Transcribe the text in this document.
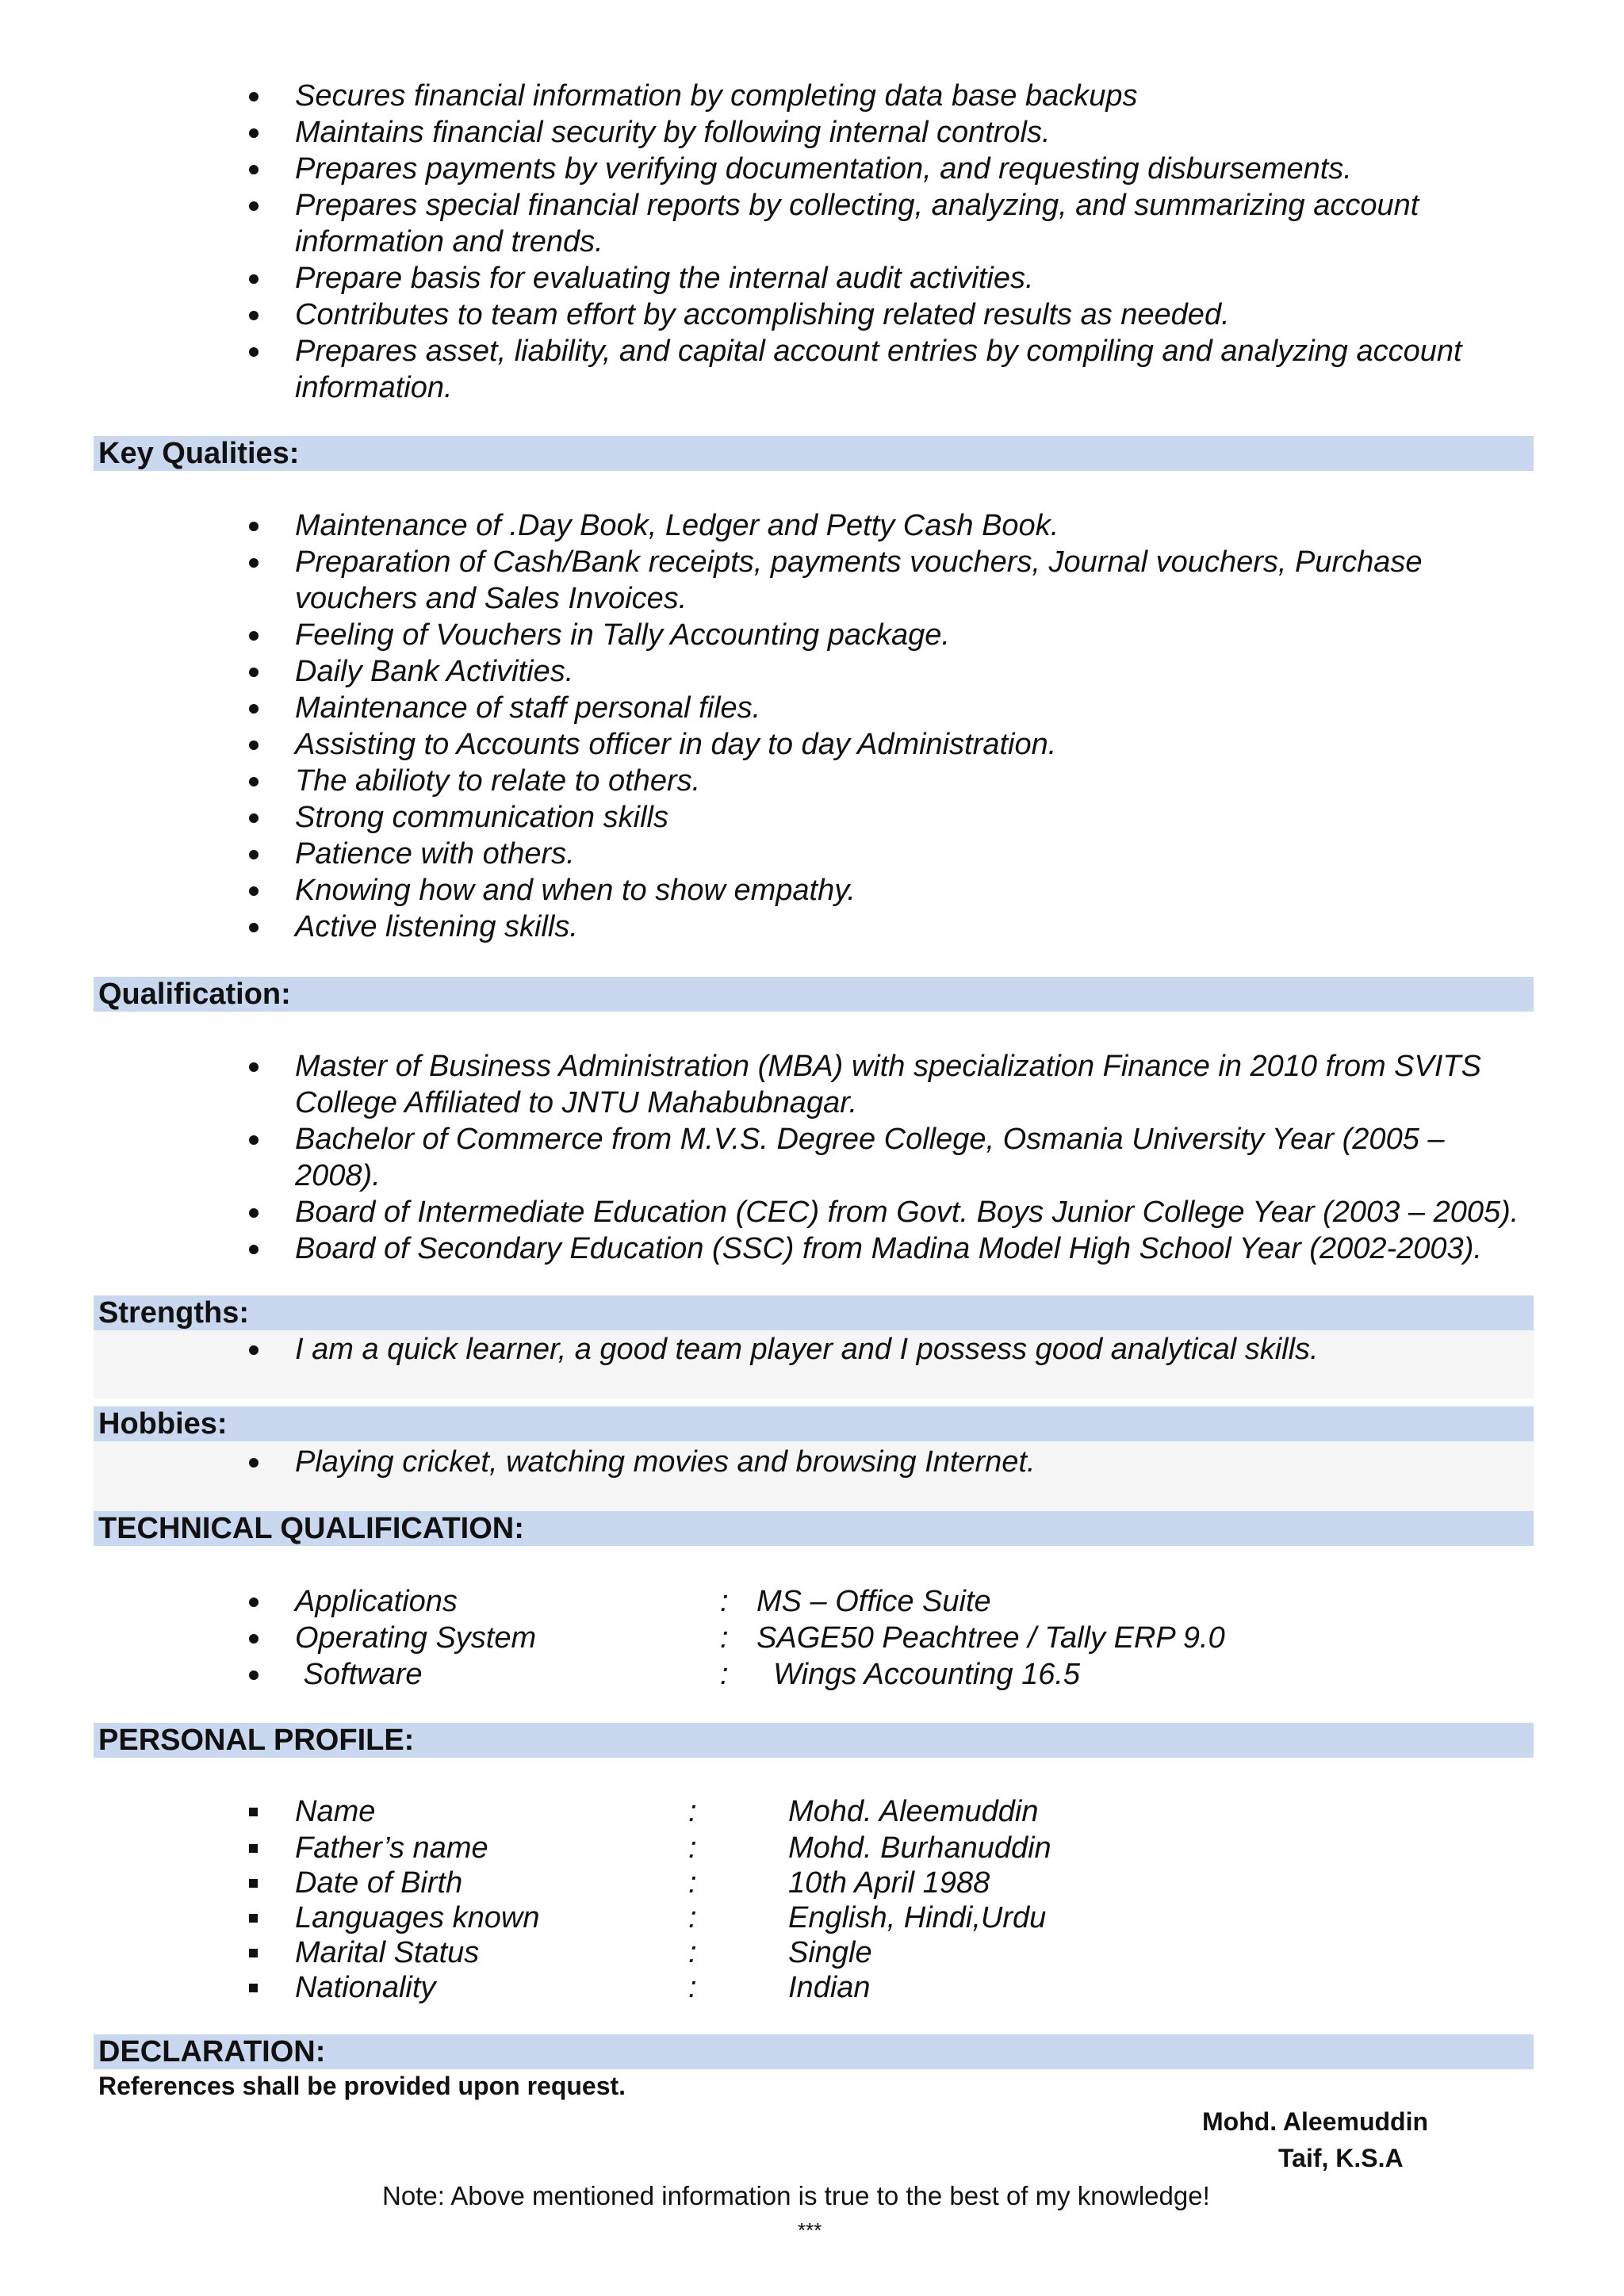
Secures financial information by completing data base backups
Maintains financial security by following internal controls.
Prepares payments by verifying documentation, and requesting disbursements.
Prepares special financial reports by collecting, analyzing, and summarizing account information and trends.
Prepare basis for evaluating the internal audit activities.
Contributes to team effort by accomplishing related results as needed.
Prepares asset, liability, and capital account entries by compiling and analyzing account information.
Key Qualities:
Maintenance of .Day Book, Ledger and Petty Cash Book.
Preparation of Cash/Bank receipts, payments vouchers, Journal vouchers, Purchase vouchers and Sales Invoices.
Feeling of Vouchers in Tally Accounting package.
Daily Bank Activities.
Maintenance of staff personal files.
Assisting to Accounts officer in day to day Administration.
The abilioty to relate to others.
Strong communication skills
Patience with others.
Knowing how and when to show empathy.
Active listening skills.
Qualification:
Master of Business Administration (MBA) with specialization Finance in 2010 from SVITS College Affiliated to JNTU Mahabubnagar.
Bachelor of Commerce from M.V.S. Degree College, Osmania University Year (2005 – 2008).
Board of Intermediate Education (CEC) from Govt. Boys Junior College Year (2003 – 2005).
Board of Secondary Education (SSC) from Madina Model High School Year (2002-2003).
Strengths:
I am a quick learner, a good team player and I possess good analytical skills.
Hobbies:
Playing cricket, watching movies and browsing Internet.
TECHNICAL QUALIFICATION:
Applications	: MS – Office Suite
Operating System	: SAGE50 Peachtree / Tally ERP 9.0
Software	: Wings Accounting 16.5
PERSONAL PROFILE:
Name	:	Mohd. Aleemuddin
Father’s name	:	Mohd. Burhanuddin
Date of Birth	:	10th April 1988
Languages known	:	English, Hindi,Urdu
Marital Status	:	Single
Nationality	:	Indian
DECLARATION:
References shall be provided upon request.
Mohd. Aleemuddin
Taif, K.S.A
Note: Above mentioned information is true to the best of my knowledge!
***
